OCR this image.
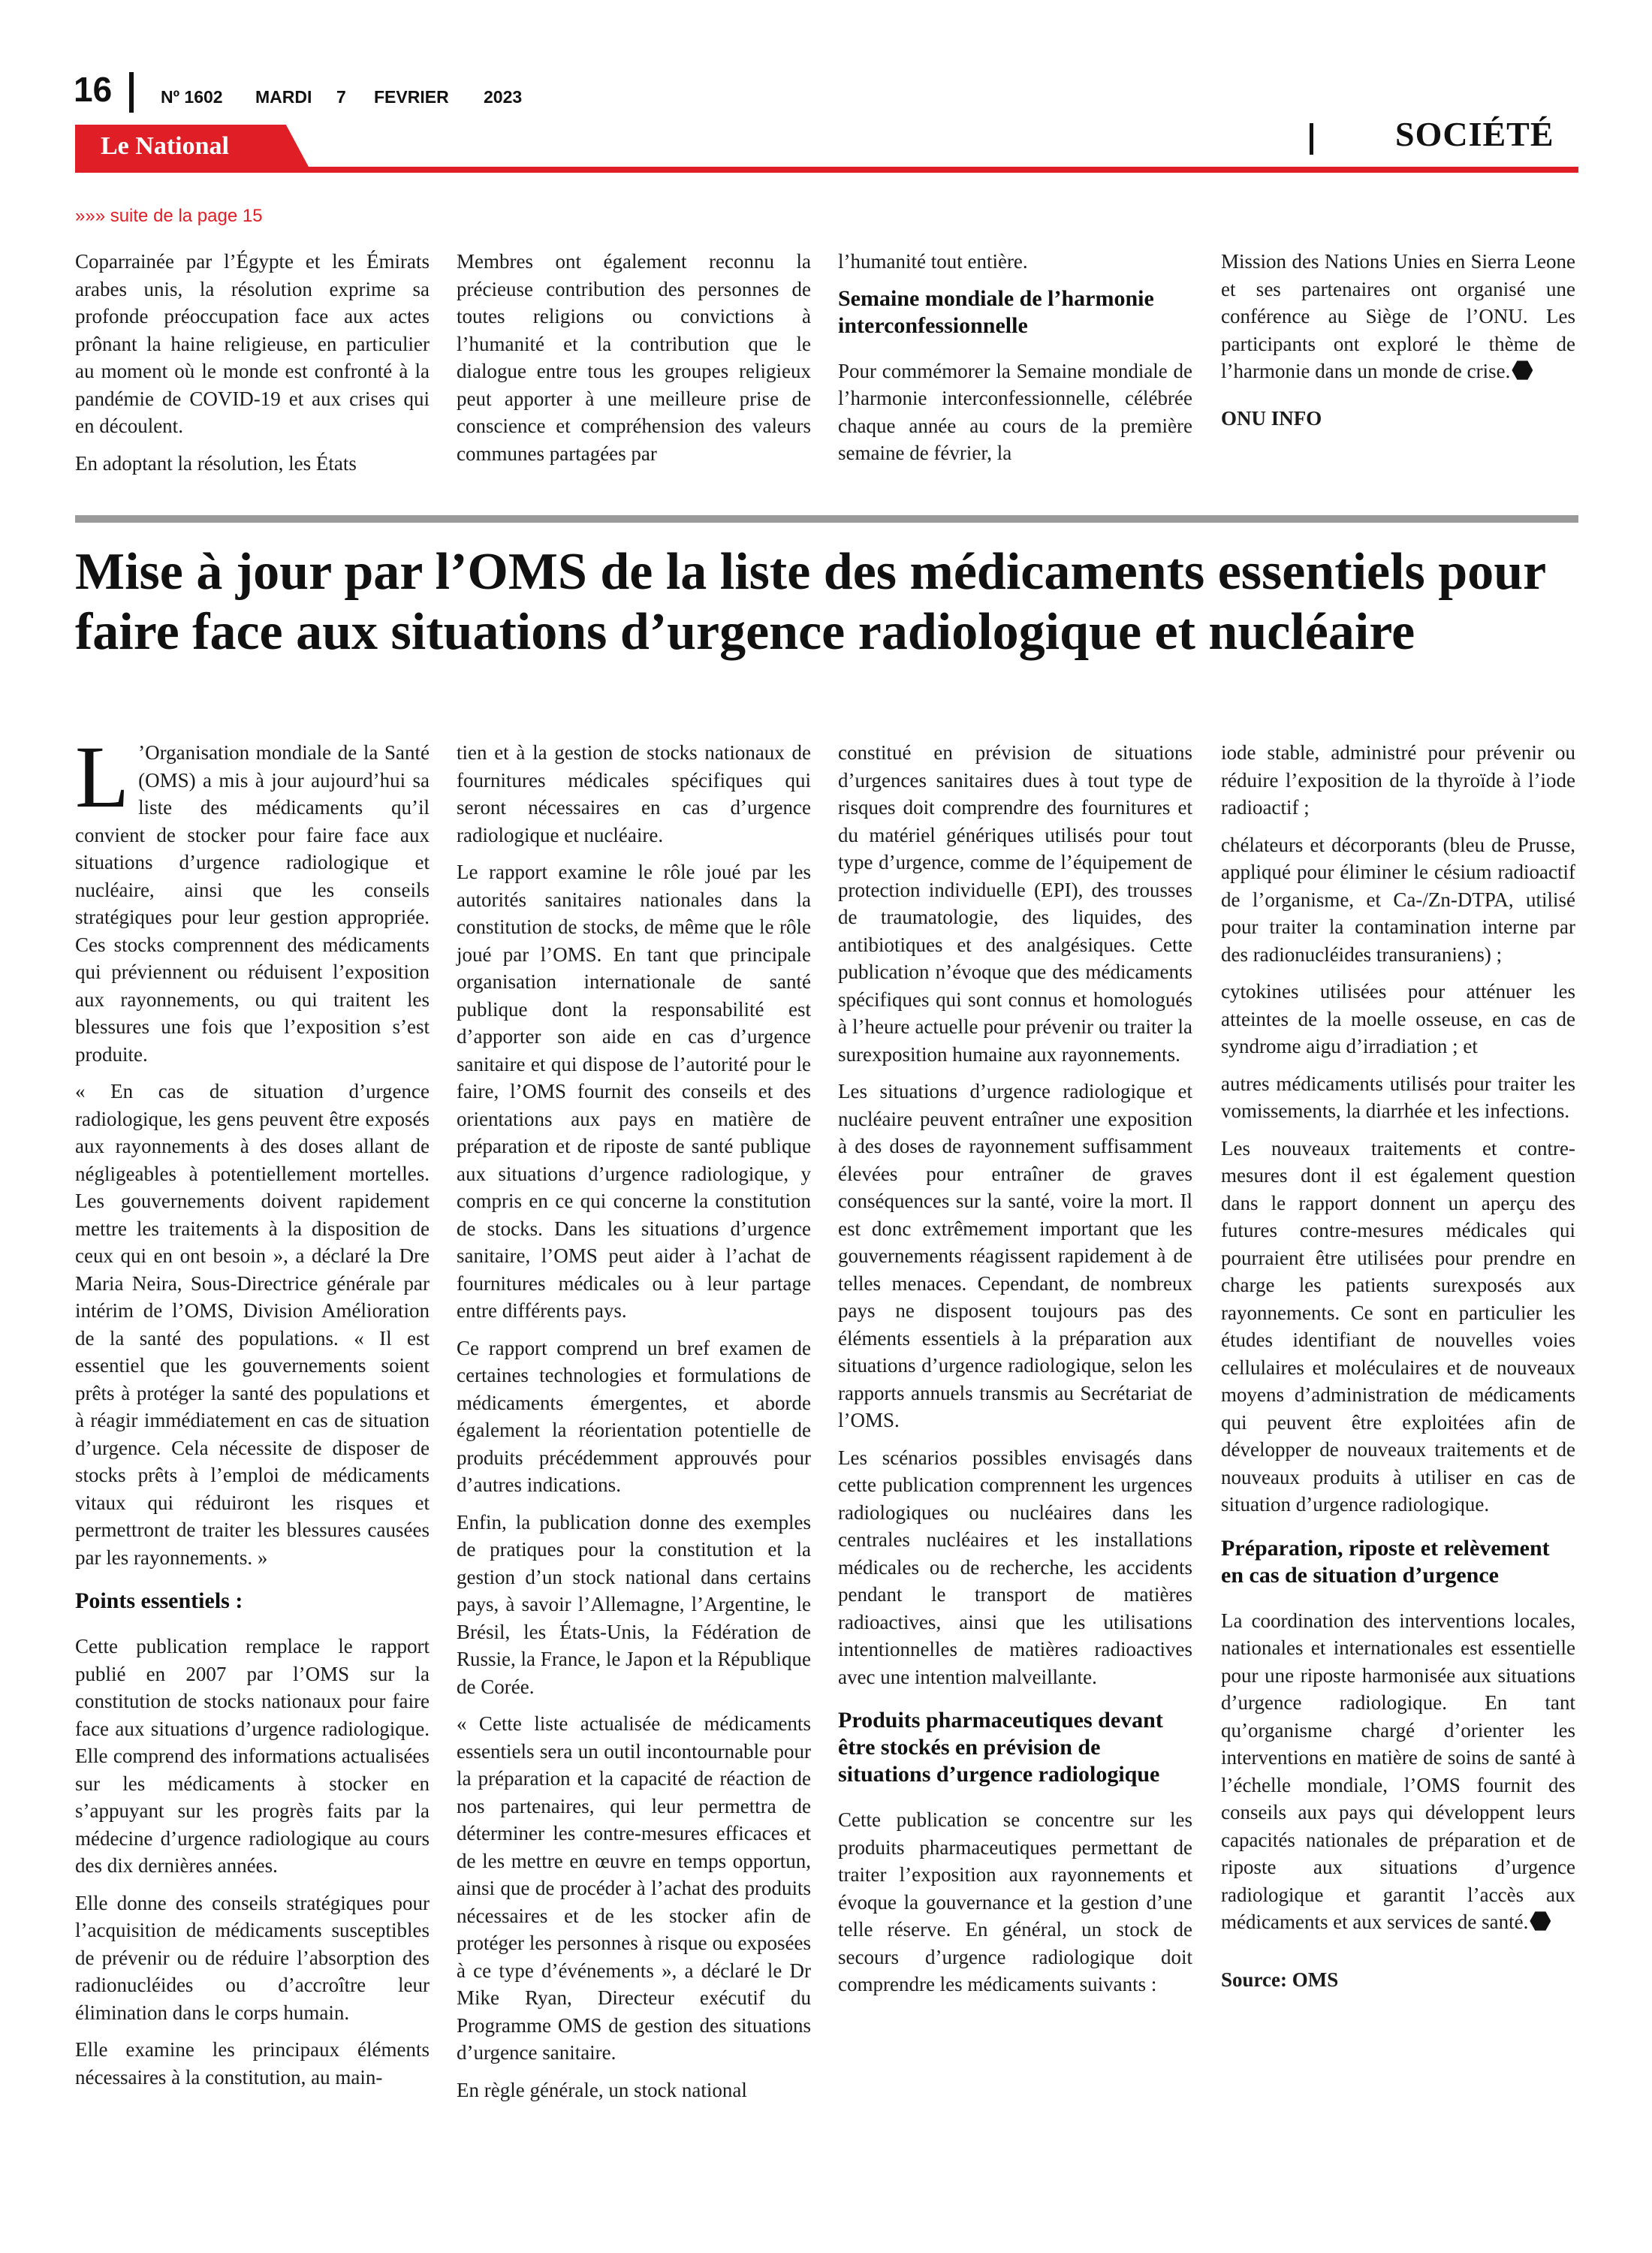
16	Nº 1602 MARDI 7 FEVRIER 2023
Le National	SOCIÉTÉ
»»» suite de la page 15

Coparrainée par l’Égypte et les Émirats arabes unis, la résolution exprime sa profonde préoccupation face aux actes prônant la haine religieuse, en particulier au moment où le monde est confronté à la pandémie de COVID-19 et aux crises qui en découlent.

En adoptant la résolution, les États

Membres ont également reconnu la précieuse contribution des personnes de toutes religions ou convictions à l’humanité et la contribution que le dialogue entre tous les groupes religieux peut apporter à une meilleure prise de conscience et compréhension des valeurs communes partagées par

l’humanité tout entière.

Semaine mondiale de l’harmonie interconfessionnelle

Pour commémorer la Semaine mondiale de l’harmonie interconfessionnelle, célébrée chaque année au cours de la première semaine de février, la

Mission des Nations Unies en Sierra Leone et ses partenaires ont organisé une conférence au Siège de l’ONU. Les participants ont exploré le thème de l’harmonie dans un monde de crise.

ONU INFO

Mise à jour par l’OMS de la liste des médicaments essentiels pour faire face aux situations d’urgence radiologique et nucléaire

L ’Organisation mondiale de la Santé (OMS) a mis à jour aujourd’hui sa liste des médicaments qu’il convient de stocker pour faire face aux situations d’urgence radiologique et nucléaire, ainsi que les conseils stratégiques pour leur gestion appropriée. Ces stocks comprennent des médicaments qui préviennent ou réduisent l’exposition aux rayonnements, ou qui traitent les blessures une fois que l’exposition s’est produite.

« En cas de situation d’urgence radiologique, les gens peuvent être exposés aux rayonnements à des doses allant de négligeables à potentiellement mortelles. Les gouvernements doivent rapidement mettre les traitements à la disposition de ceux qui en ont besoin », a déclaré la Dre Maria Neira, Sous-Directrice générale par intérim de l’OMS, Division Amélioration de la santé des populations. « Il est essentiel que les gouvernements soient prêts à protéger la santé des populations et à réagir immédiatement en cas de situation d’urgence. Cela nécessite de disposer de stocks prêts à l’emploi de médicaments vitaux qui réduiront les risques et permettront de traiter les blessures causées par les rayonnements. »

Points essentiels :

Cette publication remplace le rapport publié en 2007 par l’OMS sur la constitution de stocks nationaux pour faire face aux situations d’urgence radiologique. Elle comprend des informations actualisées sur les médicaments à stocker en s’appuyant sur les progrès faits par la médecine d’urgence radiologique au cours des dix dernières années.

Elle donne des conseils stratégiques pour l’acquisition de médicaments susceptibles de prévenir ou de réduire l’absorption des radionucléides ou d’accroître leur élimination dans le corps humain.

Elle examine les principaux éléments nécessaires à la constitution, au main-

tien et à la gestion de stocks nationaux de fournitures médicales spécifiques qui seront nécessaires en cas d’urgence radiologique et nucléaire.

Le rapport examine le rôle joué par les autorités sanitaires nationales dans la constitution de stocks, de même que le rôle joué par l’OMS. En tant que principale organisation internationale de santé publique dont la responsabilité est d’apporter son aide en cas d’urgence sanitaire et qui dispose de l’autorité pour le faire, l’OMS fournit des conseils et des orientations aux pays en matière de préparation et de riposte de santé publique aux situations d’urgence radiologique, y compris en ce qui concerne la constitution de stocks. Dans les situations d’urgence sanitaire, l’OMS peut aider à l’achat de fournitures médicales ou à leur partage entre différents pays.

Ce rapport comprend un bref examen de certaines technologies et formulations de médicaments émergentes, et aborde également la réorientation potentielle de produits précédemment approuvés pour d’autres indications.

Enfin, la publication donne des exemples de pratiques pour la constitution et la gestion d’un stock national dans certains pays, à savoir l’Allemagne, l’Argentine, le Brésil, les États-Unis, la Fédération de Russie, la France, le Japon et la République de Corée.

« Cette liste actualisée de médicaments essentiels sera un outil incontournable pour la préparation et la capacité de réaction de nos partenaires, qui leur permettra de déterminer les contre-mesures efficaces et de les mettre en œuvre en temps opportun, ainsi que de procéder à l’achat des produits nécessaires et de les stocker afin de protéger les personnes à risque ou exposées à ce type d’événements », a déclaré le Dr Mike Ryan, Directeur exécutif du Programme OMS de gestion des situations d’urgence sanitaire.

En règle générale, un stock national

constitué en prévision de situations d’urgences sanitaires dues à tout type de risques doit comprendre des fournitures et du matériel génériques utilisés pour tout type d’urgence, comme de l’équipement de protection individuelle (EPI), des trousses de traumatologie, des liquides, des antibiotiques et des analgésiques. Cette publication n’évoque que des médicaments spécifiques qui sont connus et homologués à l’heure actuelle pour prévenir ou traiter la surexposition humaine aux rayonnements.

Les situations d’urgence radiologique et nucléaire peuvent entraîner une exposition à des doses de rayonnement suffisamment élevées pour entraîner de graves conséquences sur la santé, voire la mort. Il est donc extrêmement important que les gouvernements réagissent rapidement à de telles menaces. Cependant, de nombreux pays ne disposent toujours pas des éléments essentiels à la préparation aux situations d’urgence radiologique, selon les rapports annuels transmis au Secrétariat de l’OMS.

Les scénarios possibles envisagés dans cette publication comprennent les urgences radiologiques ou nucléaires dans les centrales nucléaires et les installations médicales ou de recherche, les accidents pendant le transport de matières radioactives, ainsi que les utilisations intentionnelles de matières radioactives avec une intention malveillante.

Produits pharmaceutiques devant être stockés en prévision de situations d’urgence radiologique

Cette publication se concentre sur les produits pharmaceutiques permettant de traiter l’exposition aux rayonnements et évoque la gouvernance et la gestion d’une telle réserve. En général, un stock de secours d’urgence radiologique doit comprendre les médicaments suivants :

iode stable, administré pour prévenir ou réduire l’exposition de la thyroïde à l’iode radioactif ;

chélateurs et décorporants (bleu de Prusse, appliqué pour éliminer le césium radioactif de l’organisme, et Ca-/Zn-DTPA, utilisé pour traiter la contamination interne par des radionucléides transuraniens) ;

cytokines utilisées pour atténuer les atteintes de la moelle osseuse, en cas de syndrome aigu d’irradiation ; et

autres médicaments utilisés pour traiter les vomissements, la diarrhée et les infections.

Les nouveaux traitements et contre-mesures dont il est également question dans le rapport donnent un aperçu des futures contre-mesures médicales qui pourraient être utilisées pour prendre en charge les patients surexposés aux rayonnements. Ce sont en particulier les études identifiant de nouvelles voies cellulaires et moléculaires et de nouveaux moyens d’administration de médicaments qui peuvent être exploitées afin de développer de nouveaux traitements et de nouveaux produits à utiliser en cas de situation d’urgence radiologique.

Préparation, riposte et relèvement en cas de situation d’urgence

La coordination des interventions locales, nationales et internationales est essentielle pour une riposte harmonisée aux situations d’urgence radiologique. En tant qu’organisme chargé d’orienter les interventions en matière de soins de santé à l’échelle mondiale, l’OMS fournit des conseils aux pays qui développent leurs capacités nationales de préparation et de riposte aux situations d’urgence radiologique et garantit l’accès aux médicaments et aux services de santé.

Source: OMS
